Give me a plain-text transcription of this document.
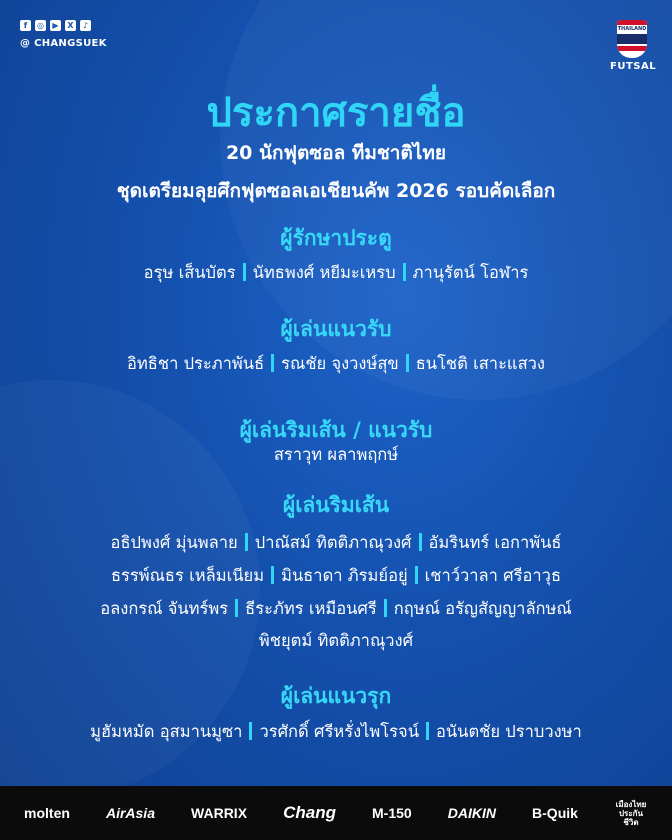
f	◎	▶	X	♪
@ CHANGSUEK
THAILAND
FUTSAL
ประกาศรายชื่อ
20 นักฟุตซอล ทีมชาติไทย
ชุดเตรียมลุยศึกฟุตซอลเอเชียนคัพ 2026 รอบคัดเลือก
ผู้รักษาประตู
อรุษ เส็นบัตร นัทธพงศ์ หยีมะเหรบ ภานุรัตน์ โอฬาร
ผู้เล่นแนวรับ
อิทธิชา ประภาพันธ์ รณชัย จุงวงษ์สุข ธนโชติ เสาะแสวง
ผู้เล่นริมเส้น / แนวรับ
สราวุท ผลาพฤกษ์
ผู้เล่นริมเส้น
อธิปพงศ์ มุ่นพลาย ปาณัสม์ ทิตติภาณุวงศ์ อัมรินทร์ เอกาพันธ์
ธรรพ์ณธร เหล็มเนียม มินธาดา ภิรมย์อยู่ เชาว์วาลา ศรีอาวุธ
อลงกรณ์ จันทร์พร ธีระภัทร เหมือนศรี กฤษณ์ อรัญสัญญาลักษณ์
พิชยุตม์ ทิตติภาณุวงศ์
ผู้เล่นแนวรุก
มูฮัมหมัด อุสมานมูซา วรศักดิ์ ศรีหรั่งไพโรจน์ อนันตชัย ปราบวงษา
molten	AirAsia	WARRIX Chang	M-150	DAIKIN	B-Quik
เมืองไทย ประกันชีวิต
